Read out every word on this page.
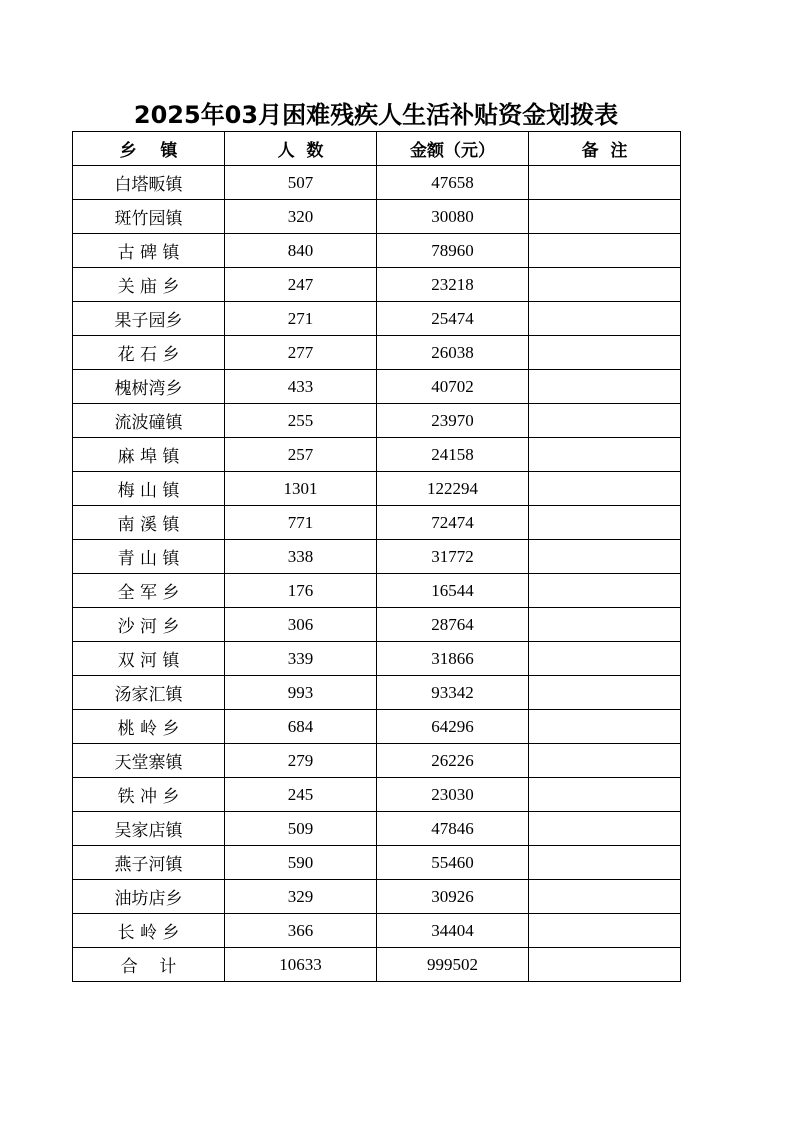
2025年03月困难残疾人生活补贴资金划拨表
乡    镇	人  数	金额（元）	备  注
白塔畈镇	507	47658	
斑竹园镇	320	30080	
古 碑 镇	840	78960	
关 庙 乡	247	23218	
果子园乡	271	25474	
花 石 乡	277	26038	
槐树湾乡	433	40702	
流波䃥镇	255	23970	
麻 埠 镇	257	24158	
梅 山 镇	1301	122294	
南 溪 镇	771	72474	
青 山 镇	338	31772	
全 军 乡	176	16544	
沙 河 乡	306	28764	
双 河 镇	339	31866	
汤家汇镇	993	93342	
桃 岭 乡	684	64296	
天堂寨镇	279	26226	
铁 冲 乡	245	23030	
吴家店镇	509	47846	
燕子河镇	590	55460	
油坊店乡	329	30926	
长 岭 乡	366	34404	
合    计	10633	999502	
